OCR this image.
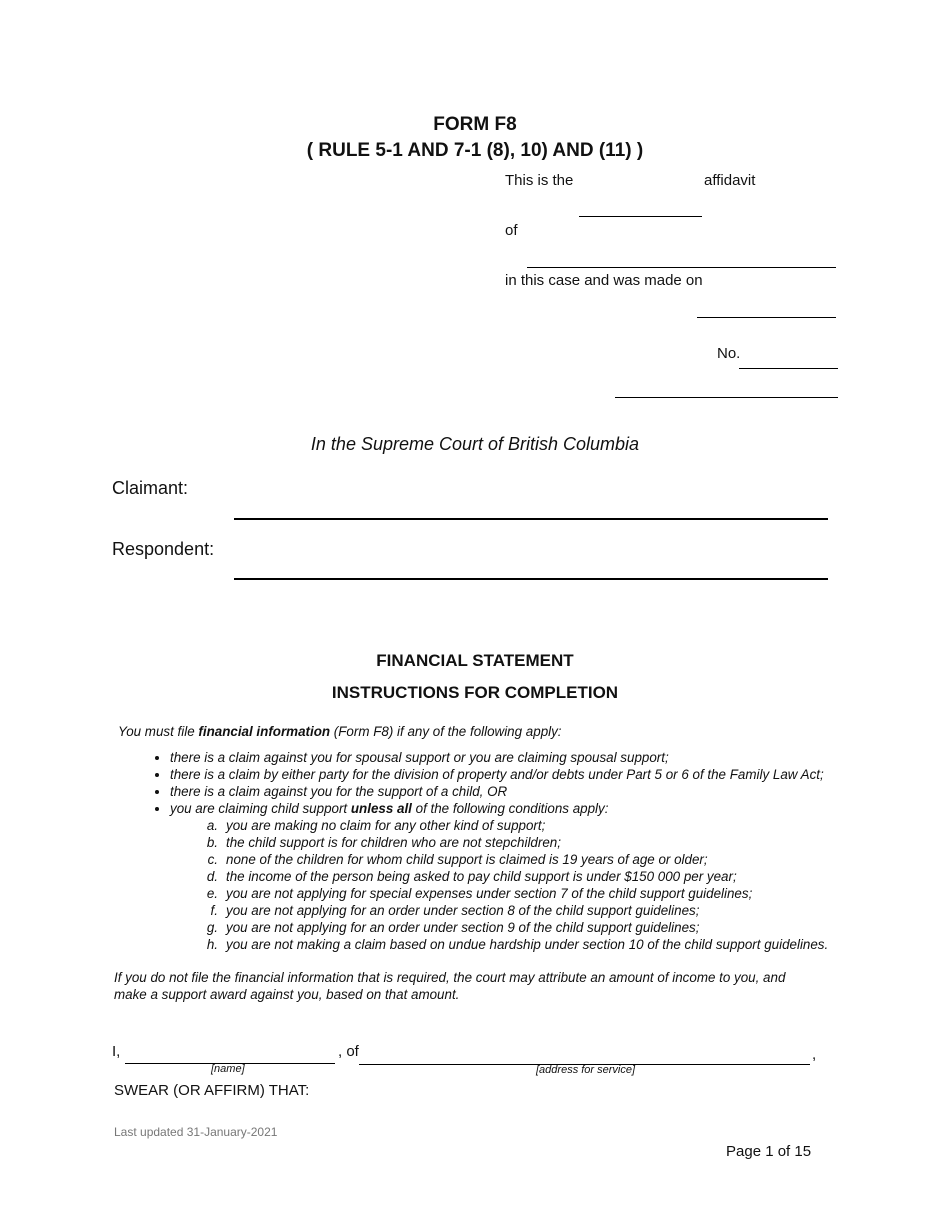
FORM F8
( RULE 5-1 AND 7-1 (8), 10) AND (11) )
This is the	affidavit
of
in this case and was made on
No.
In the Supreme Court of British Columbia
Claimant:
Respondent:
FINANCIAL STATEMENT
INSTRUCTIONS FOR COMPLETION
You must file financial information (Form F8) if any of the following apply:
• there is a claim against you for spousal support or you are claiming spousal support;
• there is a claim by either party for the division of property and/or debts under Part 5 or 6 of the Family Law Act;
• there is a claim against you for the support of a child, OR
• you are claiming child support unless all of the following conditions apply:
a. you are making no claim for any other kind of support;
b. the child support is for children who are not stepchildren;
c. none of the children for whom child support is claimed is 19 years of age or older;
d. the income of the person being asked to pay child support is under $150 000 per year;
e. you are not applying for special expenses under section 7 of the child support guidelines;
f. you are not applying for an order under section 8 of the child support guidelines;
g. you are not applying for an order under section 9 of the child support guidelines;
h. you are not making a claim based on undue hardship under section 10 of the child support guidelines.
If you do not file the financial information that is required, the court may attribute an amount of income to you, and make a support award against you, based on that amount.
I,
[name]
, of
[address for service]
,
SWEAR (OR AFFIRM) THAT:
Last updated 31-January-2021
Page 1 of 15
